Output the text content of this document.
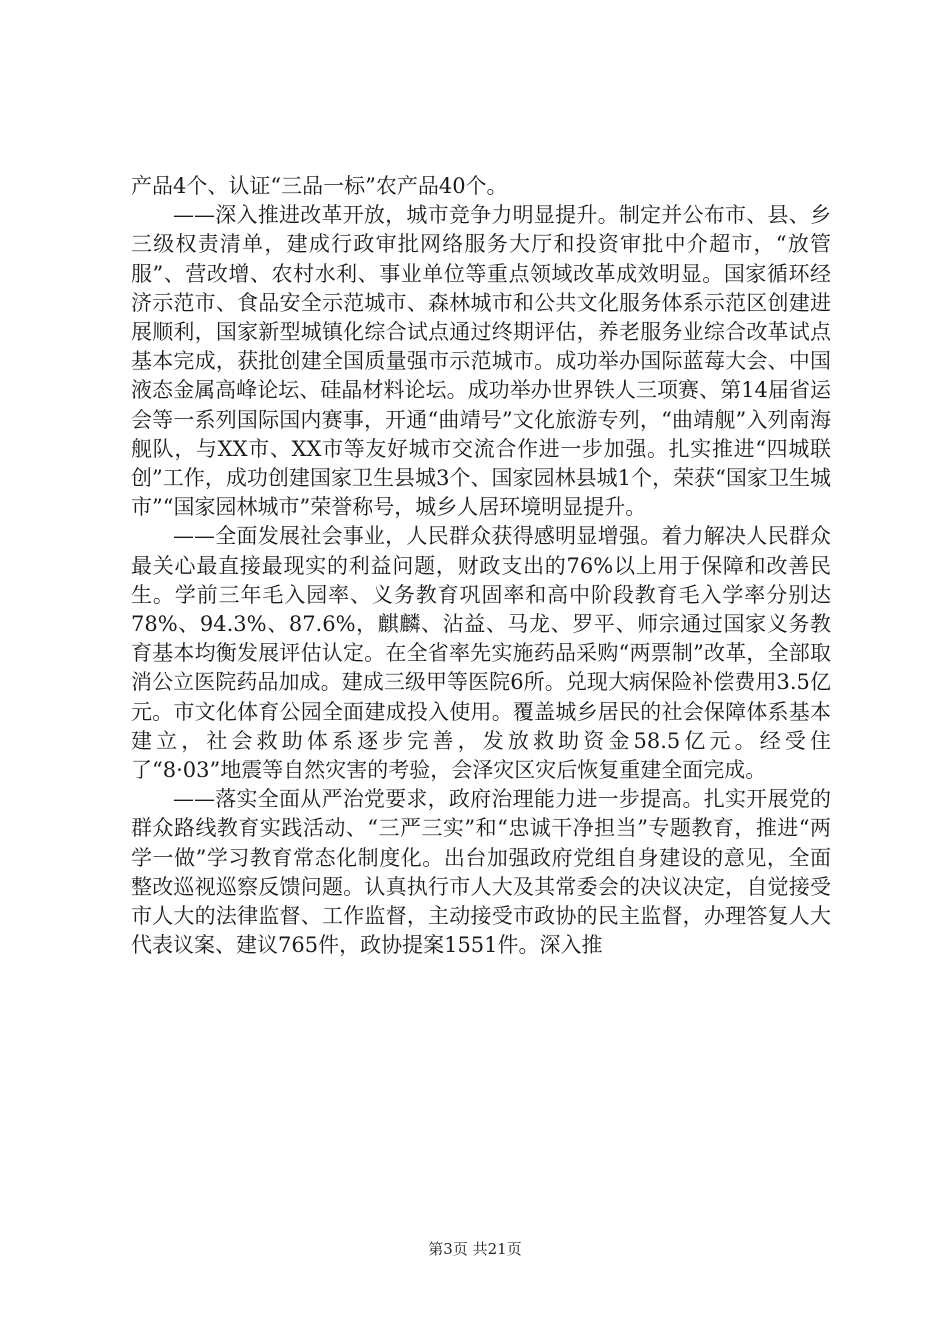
产品4个、认证“三品一标”农产品40个。

——深入推进改革开放，城市竞争力明显提升。制定并公布市、县、乡三级权责清单，建成行政审批网络服务大厅和投资审批中介超市，“放管服”、营改增、农村水利、事业单位等重点领域改革成效明显。国家循环经济示范市、食品安全示范城市、森林城市和公共文化服务体系示范区创建进展顺利，国家新型城镇化综合试点通过终期评估，养老服务业综合改革试点基本完成，获批创建全国质量强市示范城市。成功举办国际蓝莓大会、中国液态金属高峰论坛、硅晶材料论坛。成功举办世界铁人三项赛、第14届省运会等一系列国际国内赛事，开通“曲靖号”文化旅游专列，“曲靖舰”入列南海舰队，与XX市、XX市等友好城市交流合作进一步加强。扎实推进“四城联创”工作，成功创建国家卫生县城3个、国家园林县城1个，荣获“国家卫生城市”“国家园林城市”荣誉称号，城乡人居环境明显提升。

——全面发展社会事业，人民群众获得感明显增强。着力解决人民群众最关心最直接最现实的利益问题，财政支出的76%以上用于保障和改善民生。学前三年毛入园率、义务教育巩固率和高中阶段教育毛入学率分别达78%、94.3%、87.6%，麒麟、沾益、马龙、罗平、师宗通过国家义务教育基本均衡发展评估认定。在全省率先实施药品采购“两票制”改革，全部取消公立医院药品加成。建成三级甲等医院6所。兑现大病保险补偿费用3.5亿元。市文化体育公园全面建成投入使用。覆盖城乡居民的社会保障体系基本建立，社会救助体系逐步完善，发放救助资金58.5亿元。经受住了“8·03”地震等自然灾害的考验，会泽灾区灾后恢复重建全面完成。

——落实全面从严治党要求，政府治理能力进一步提高。扎实开展党的群众路线教育实践活动、“三严三实”和“忠诚干净担当”专题教育，推进“两学一做”学习教育常态化制度化。出台加强政府党组自身建设的意见，全面整改巡视巡察反馈问题。认真执行市人大及其常委会的决议决定，自觉接受市人大的法律监督、工作监督，主动接受市政协的民主监督，办理答复人大代表议案、建议765件，政协提案1551件。深入推

第3页 共21页
